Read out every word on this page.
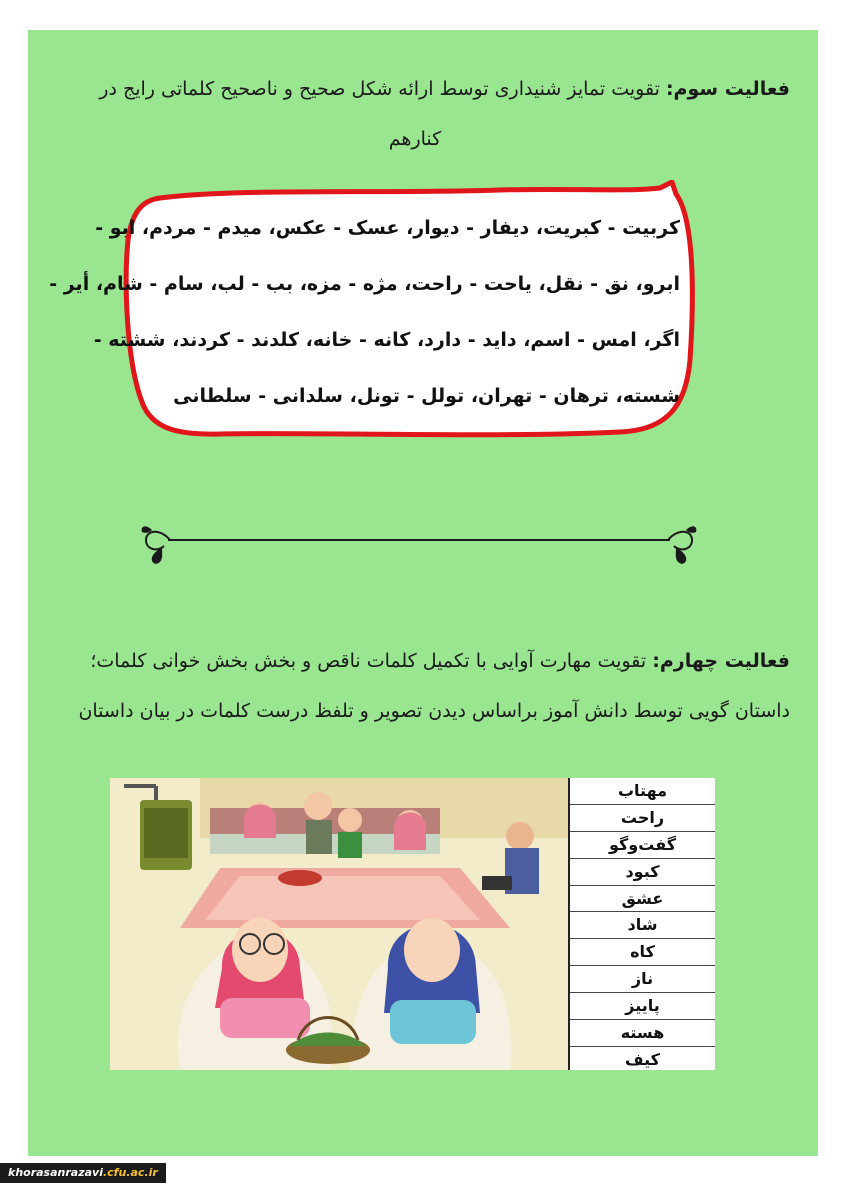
فعالیت سوم: تقویت تمایز شنیداری توسط ارائه شکل صحیح و ناصحیح کلماتی رایج در
کنارهم
کربیت - کبریت، دیفار - دیوار، عسک - عکس، میدم - مردم، ابو -
ابرو، نق - نقل، یاحت - راحت، مژه - مزه، بب - لب، سام - شام، أیر -
اگر، امس - اسم، داید - دارد، کانه - خانه، کلدند - کردند، ششته -
شسته، ترهان - تهران، تولل - تونل، سلدانی - سلطانی
فعالیت چهارم: تقویت مهارت آوایی با تکمیل کلمات ناقص و بخش بخش خوانی کلمات؛
داستان گویی توسط دانش آموز براساس دیدن تصویر و تلفظ درست کلمات در بیان داستان
مهتاب
راحت
گفت‌وگو
کبود
عشق
شاد
کاه
ناز
پاییز
هسته
کیف
khorasanrazavi.cfu.ac.ir
